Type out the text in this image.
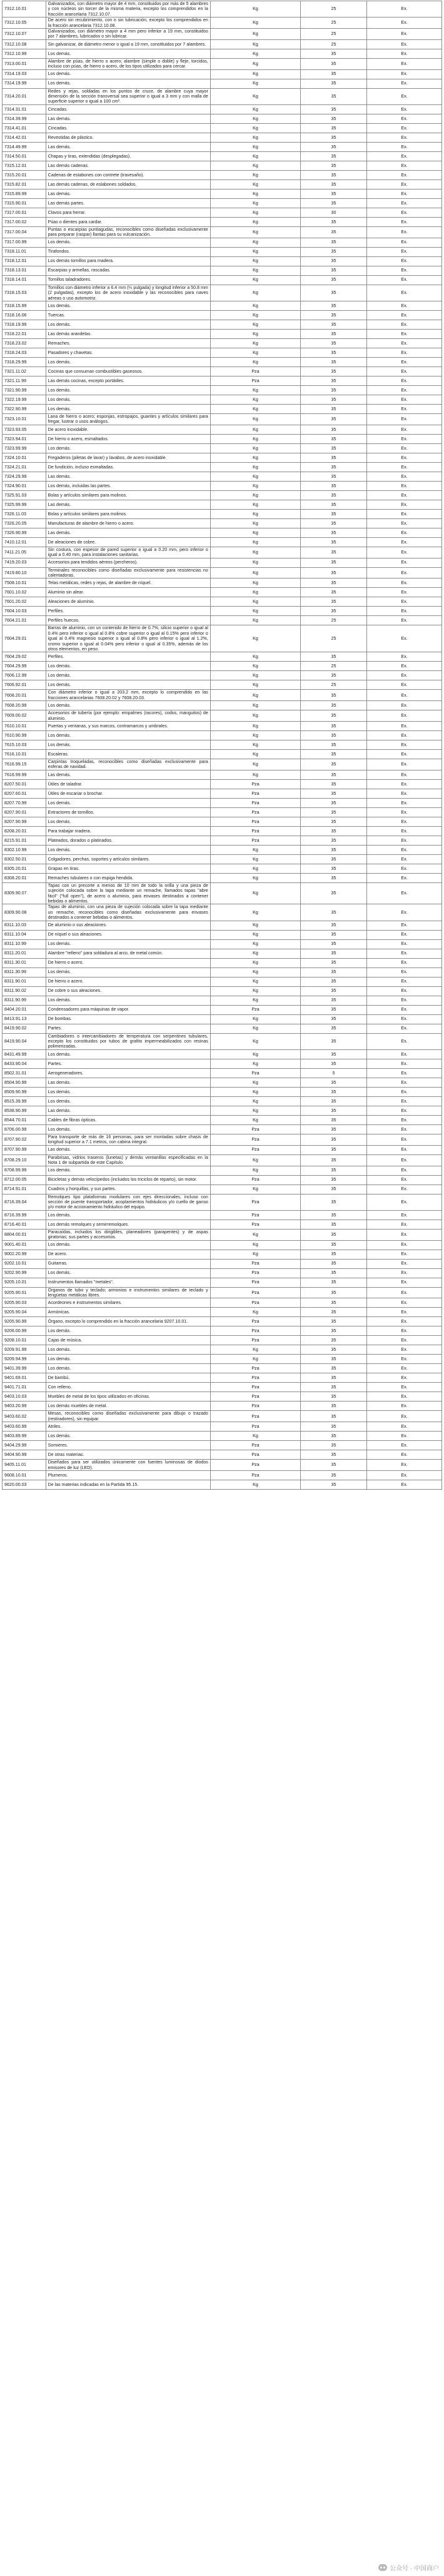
7312.10.01	Galvanizados, con diámetro mayor de 4 mm, constituidos por más de 5 alambres y con núcleos sin torcer de la misma materia, excepto los comprendidos en la fracción arancelaria 7312.10.07.	Kg	25	Ex.
7312.10.05	De acero sin recubrimiento, con o sin lubricación, excepto los comprendidos en la fracción arancelaria 7312.10.08.	Kg	25	Ex.
7312.10.07	Galvanizados, con diámetro mayor a 4 mm pero inferior a 19 mm, constituidos por 7 alambres, lubricados o sin lubricar.	Kg	25	Ex.
7312.10.08	Sin galvanizar, de diámetro menor o igual a 19 mm, constituidos por 7 alambres.	Kg	25	Ex.
7312.10.99	Los demás.	Kg	35	Ex.
7313.00.01	Alambre de púas, de hierro o acero; alambre (simple o doble) y fleje, torcidos, incluso con púas, de hierro o acero, de los tipos utilizados para cercar.	Kg	35	Ex.
7314.19.03	Los demás.	Kg	35	Ex.
7314.19.99	Los demás.	Kg	35	Ex.
7314.20.01	Redes y rejas, soldadas en los puntos de cruce, de alambre cuya mayor dimensión de la sección transversal sea superior o igual a 3 mm y con malla de superficie superior o igual a 100 cm².	Kg	35	Ex.
7314.31.01	Cincadas.	Kg	35	Ex.
7314.39.99	Las demás.	Kg	35	Ex.
7314.41.01	Cincadas.	Kg	35	Ex.
7314.42.01	Revestidas de plástico.	Kg	35	Ex.
7314.49.99	Las demás.	Kg	35	Ex.
7314.50.01	Chapas y tiras, extendidas (desplegadas).	Kg	35	Ex.
7315.12.01	Las demás cadenas.	Kg	35	Ex.
7315.20.01	Cadenas de estabones con contrete (travesaño).	Kg	35	Ex.
7315.82.01	Las demás cadenas, de eslabones soldados.	Kg	35	Ex.
7315.89.99	Las demás.	Kg	35	Ex.
7315.90.01	Las demás partes.	Kg	35	Ex.
7317.00.01	Clavos para herrar.	Kg	30	Ex.
7317.00.02	Púas o dientes para cardar.	Kg	35	Ex.
7317.00.04	Puntas o escarpias puntiagudas, reconocibles como diseñadas exclusivamente para preparar (raspar) llantas para su vulcanización.	Kg	35	Ex.
7317.00.99	Los demás.	Kg	35	Ex.
7318.11.01	Tirafondos.	Kg	35	Ex.
7318.12.01	Los demás tornillos para madera.	Kg	35	Ex.
7318.13.01	Escarpias y armellas, roscadas.	Kg	35	Ex.
7318.14.01	Tornillos taladradores.	Kg	35	Ex.
7318.15.03	Tornillos con diámetro inferior a 6.4 mm (¼ pulgada) y longitud inferior a 50.8 mm (2 pulgadas), excepto los de acero inoxidable y las reconocibles para naves aéreas o uso automotriz.	Kg	35	Ex.
7318.15.99	Los demás.	Kg	35	Ex.
7318.16.06	Tuercas.	Kg	35	Ex.
7318.19.99	Los demás.	Kg	35	Ex.
7318.22.01	Las demás arandelas.	Kg	35	Ex.
7318.23.02	Remaches.	Kg	35	Ex.
7318.24.03	Pasadores y chavetas.	Kg	35	Ex.
7318.29.99	Los demás.	Kg	35	Ex.
7321.11.02	Cocinas que consuman combustibles gaseosos.	Pza	35	Ex.
7321.11.99	Las demás cocinas, excepto portátiles.	Pza	35	Ex.
7321.90.99	Los demás.	Kg	35	Ex.
7322.19.99	Los demás.	Kg	35	Ex.
7322.90.99	Los demás.	Kg	35	Ex.
7323.10.01	Lana de hierro o acero; esponjas, estropajos, guantes y artículos similares para fregar, lustrar o usos análogos.	Kg	35	Ex.
7323.93.05	De acero inoxidable.	Kg	35	Ex.
7323.94.01	De hierro o acero, esmaltados.	Kg	35	Ex.
7323.99.99	Los demás.	Kg	35	Ex.
7324.10.01	Fregaderos (piletas de lavar) y lavabos, de acero inoxidable.	Kg	35	Ex.
7324.21.01	De fundición, incluso esmaltadas.	Kg	35	Ex.
7324.29.99	Las demás.	Kg	35	Ex.
7324.90.01	Los demás, incluidas las partes.	Kg	35	Ex.
7325.91.03	Bolas y artículos similares para molinos.	Kg	35	Ex.
7325.99.99	Las demás.	Kg	35	Ex.
7326.11.03	Bolas y artículos similares para molinos.	Kg	35	Ex.
7326.20.05	Manufacturas de alambre de hierro o acero.	Kg	35	Ex.
7326.90.99	Las demás.	Kg	35	Ex.
7410.12.01	De aleaciones de cobre.	Kg	35	Ex.
7411.21.05	Sin costura, con espesor de pared superior o igual a 0.20 mm, pero inferior o igual a 0.40 mm, para instalaciones sanitarias.	Kg	35	Ex.
7419.20.03	Accesorios para tendidos aéreos (percheros).	Kg	35	Ex.
7419.80.10	Terminales reconocibles como diseñadas exclusivamente para resistencias no calentadoras.	Kg	35	Ex.
7508.10.01	Telas metálicas, redes y rejas, de alambre de níquel.	Kg	35	Ex.
7601.10.02	Aluminio sin alear.	Kg	35	Ex.
7601.20.02	Aleaciones de aluminio.	Kg	35	Ex.
7604.10.03	Perfiles.	Kg	35	Ex.
7604.21.01	Perfiles huecos.	Kg	25	Ex.
7604.29.01	Barras de aluminio, con un contenido de hierro de 0.7%, silicio superior o igual al 0.4% pero inferior o igual al 0.8% cobre superior o igual al 0.15% pero inferior o igual al 0.4% magnesio superior o igual al 0.8% pero inferior o igual al 1.2%, cromo superior o igual al 0.04% pero inferior o igual al 0.35%, además de los otros elementos, en peso.	Kg	25	Ex.
7604.29.02	Perfiles.	Kg	35	Ex.
7604.29.99	Los demás.	Kg	25	Ex.
7606.12.99	Los demás.	Kg	35	Ex.
7606.92.01	Los demás.	Kg	25	Ex.
7608.20.01	Con diámetro inferior o igual a 203.2 mm, excepto lo comprendido en las fracciones arancelarias 7608.20.02 y 7608.20.03.	Kg	35	Ex.
7608.20.99	Los demás.	Kg	35	Ex.
7609.00.02	Accesorios de tubería (por ejemplo: empalmes (racores), codos, manguitos) de aluminio.	Kg	35	Ex.
7610.10.01	Puertas y ventanas, y sus marcos, contramarcos y umbrales.	Kg	35	Ex.
7610.90.99	Los demás.	Kg	35	Ex.
7615.10.03	Los demás.	Kg	35	Ex.
7616.10.01	Escaleras.	Kg	35	Ex.
7616.99.15	Carpintas troqueladas, reconocibles como diseñadas exclusivamente para esferas de navidad.	Kg	35	Ex.
7616.99.99	Las demás.	Kg	35	Ex.
8207.50.01	Útiles de taladrar.	Pza	35	Ex.
8207.60.01	Útiles de escariar o brochar.	Pza	35	Ex.
8207.70.99	Los demás.	Pza	35	Ex.
8207.90.01	Extractores de tornillos.	Pza	35	Ex.
8207.90.99	Los demás.	Pza	35	Ex.
8208.20.01	Para trabajar madera.	Pza	35	Ex.
8215.91.01	Plateados, dorados o platinados.	Pza	35	Ex.
8302.10.99	Los demás.	Kg	35	Ex.
8302.50.01	Colgadores, perchas, soportes y artículos similares.	Kg	35	Ex.
8305.20.01	Grapas en tiras.	Kg	35	Ex.
8308.20.01	Remaches tubulares o con espiga hendida.	Kg	35	Ex.
8309.90.07	Tapas con un precorte a menos de 10 mm de todo la orilla y una pieza de sujeción colocada sobre la tapa mediante un remache, llamados tapas "abre fácil" ("full open"), de acero o aluminio, para envases destinados a contener bebidas o alimentos.	Kg	35	Ex.
8309.90.08	Tapas de aluminio, con una pieza de sujeción colocada sobre la tapa mediante un remache, reconocibles como diseñadas exclusivamente para envases destinados a contener bebidas o alimentos.	Kg	35	Ex.
8311.10.03	De aluminio o sus aleaciones.	Kg	35	Ex.
8311.10.04	De níquel o sus aleaciones.	Kg	35	Ex.
8311.10.99	Los demás.	Kg	35	Ex.
8311.20.01	Alambre "relleno" para soldadura al arco, de metal común.	Kg	35	Ex.
8311.30.01	De hierro o acero.	Kg	35	Ex.
8311.30.99	Los demás.	Kg	35	Ex.
8311.90.01	De hierro o acero.	Kg	35	Ex.
8311.90.02	De cobre o sus aleaciones.	Kg	35	Ex.
8311.90.99	Los demás.	Kg	35	Ex.
8404.20.01	Condensadores para máquinas de vapor.	Pza	35	Ex.
8413.91.13	De bombas.	Kg	35	Ex.
8419.90.02	Partes.	Kg	35	Ex.
8419.90.04	Cambiadores o intercambiadores de temperatura con serpentines tubulares, excepto los constituidos por tubos de grafito impermeabilizados con resinas polimerizadas.	Kg	35	Ex.
8431.49.99	Los demás.	Kg	35	Ex.
8433.90.04	Partes.	Kg	35	Ex.
8502.31.01	Aerogeneradores.	Pza	5	Ex.
8504.90.99	Las demás.	Kg	35	Ex.
8509.90.99	Los demás.	Kg	35	Ex.
8515.39.99	Los demás.	Kg	35	Ex.
8538.90.99	Las demás.	Kg	35	Ex.
8544.70.01	Cables de fibras ópticas.	Kg	35	Ex.
8706.00.99	Los demás.	Pza	35	Ex.
8707.90.02	Para transporte de más de 16 personas, para ser montadas sobre chasis de longitud superior a 7.1 metros, con cabina integral.	Pza	35	Ex.
8707.90.99	Las demás.	Pza	35	Ex.
8708.29.10	Parabrisas, vidrios traseros (lunetas) y demás ventanillas especificadas en la Nota 1 de subpartida de este Capítulo.	Kg	35	Ex.
8708.99.99	Los demás.	Kg	35	Ex.
8712.00.05	Bicicletas y demás velocípedos (incluidos los triciclos de reparto), sin motor.	Pza	35	Ex.
8714.91.01	Cuadros y horquillas, y sus partes.	Kg	35	Ex.
8716.39.04	Remolques tipo plataformas modulares con ejes direccionales, incluso con sección de puente transportador, acoplamientos hidráulicos y/o cuello de ganso y/o motor de accionamiento hidráulico del equipo.	Pza	35	Ex.
8716.39.99	Los demás.	Pza	35	Ex.
8716.40.01	Los demás remolques y semirremolques.	Pza	35	Ex.
8804.00.01	Paracaídas, incluidos los dirigibles, planeadores (parapentes) y de aspas giratorias; sus partes y accesorios.	Kg	35	Ex.
9001.40.01	Los demás.	Kg	35	Ex.
9002.20.99	De acero.	Kg	35	Ex.
9202.10.01	Guitarras.	Pza	35	Ex.
9202.90.99	Los demás.	Pza	35	Ex.
9205.10.01	Instrumentos llamados "metales".	Pza	35	Ex.
9205.90.01	Órganos de tubo y teclado; armonios e instrumentos similares de teclado y lengüetas metálicas libres.	Pza	35	Ex.
9205.90.03	Acordeones e instrumentos similares.	Pza	35	Ex.
9205.90.04	Armónicas.	Kg	35	Ex.
9205.90.99	Órgano, excepto lo comprendido en la fracción arancelaria 9207.10.01.	Pza	35	Ex.
9206.00.99	Los demás.	Pza	35	Ex.
9208.10.01	Cajas de música.	Pza	35	Ex.
9209.91.99	Los demás.	Kg	35	Ex.
9209.94.99	Los demás.	Kg	35	Ex.
9401.39.99	Los demás.	Pza	35	Ex.
9401.69.01	De bambú.	Pza	35	Ex.
9401.71.01	Con relleno.	Pza	35	Ex.
9403.10.03	Muebles de metal de los tipos utilizados en oficinas.	Pza	35	Ex.
9403.20.99	Los demás muebles de metal.	Pza	35	Ex.
9403.60.02	Mesas, reconocibles como diseñadas exclusivamente para dibujo o trazado (restiradores), sin equipar.	Pza	35	Ex.
9403.60.99	Atriles.	Pza	35	Ex.
9403.89.99	Los demás.	Kg	35	Ex.
9404.29.99	Somieres.	Pza	35	Ex.
9404.90.99	De otras materias.	Pza	35	Ex.
9405.11.01	Diseñados para ser utilizados únicamente con fuentes luminosas de diodos emisores de luz (LED).	Pza	35	Ex.
9608.10.01	Plumeros.	Pza	35	Ex.
9620.00.03	De las materias indicadas en la Partida 95.15.	Kg	35	Ex.
公众号 · 中国商户
